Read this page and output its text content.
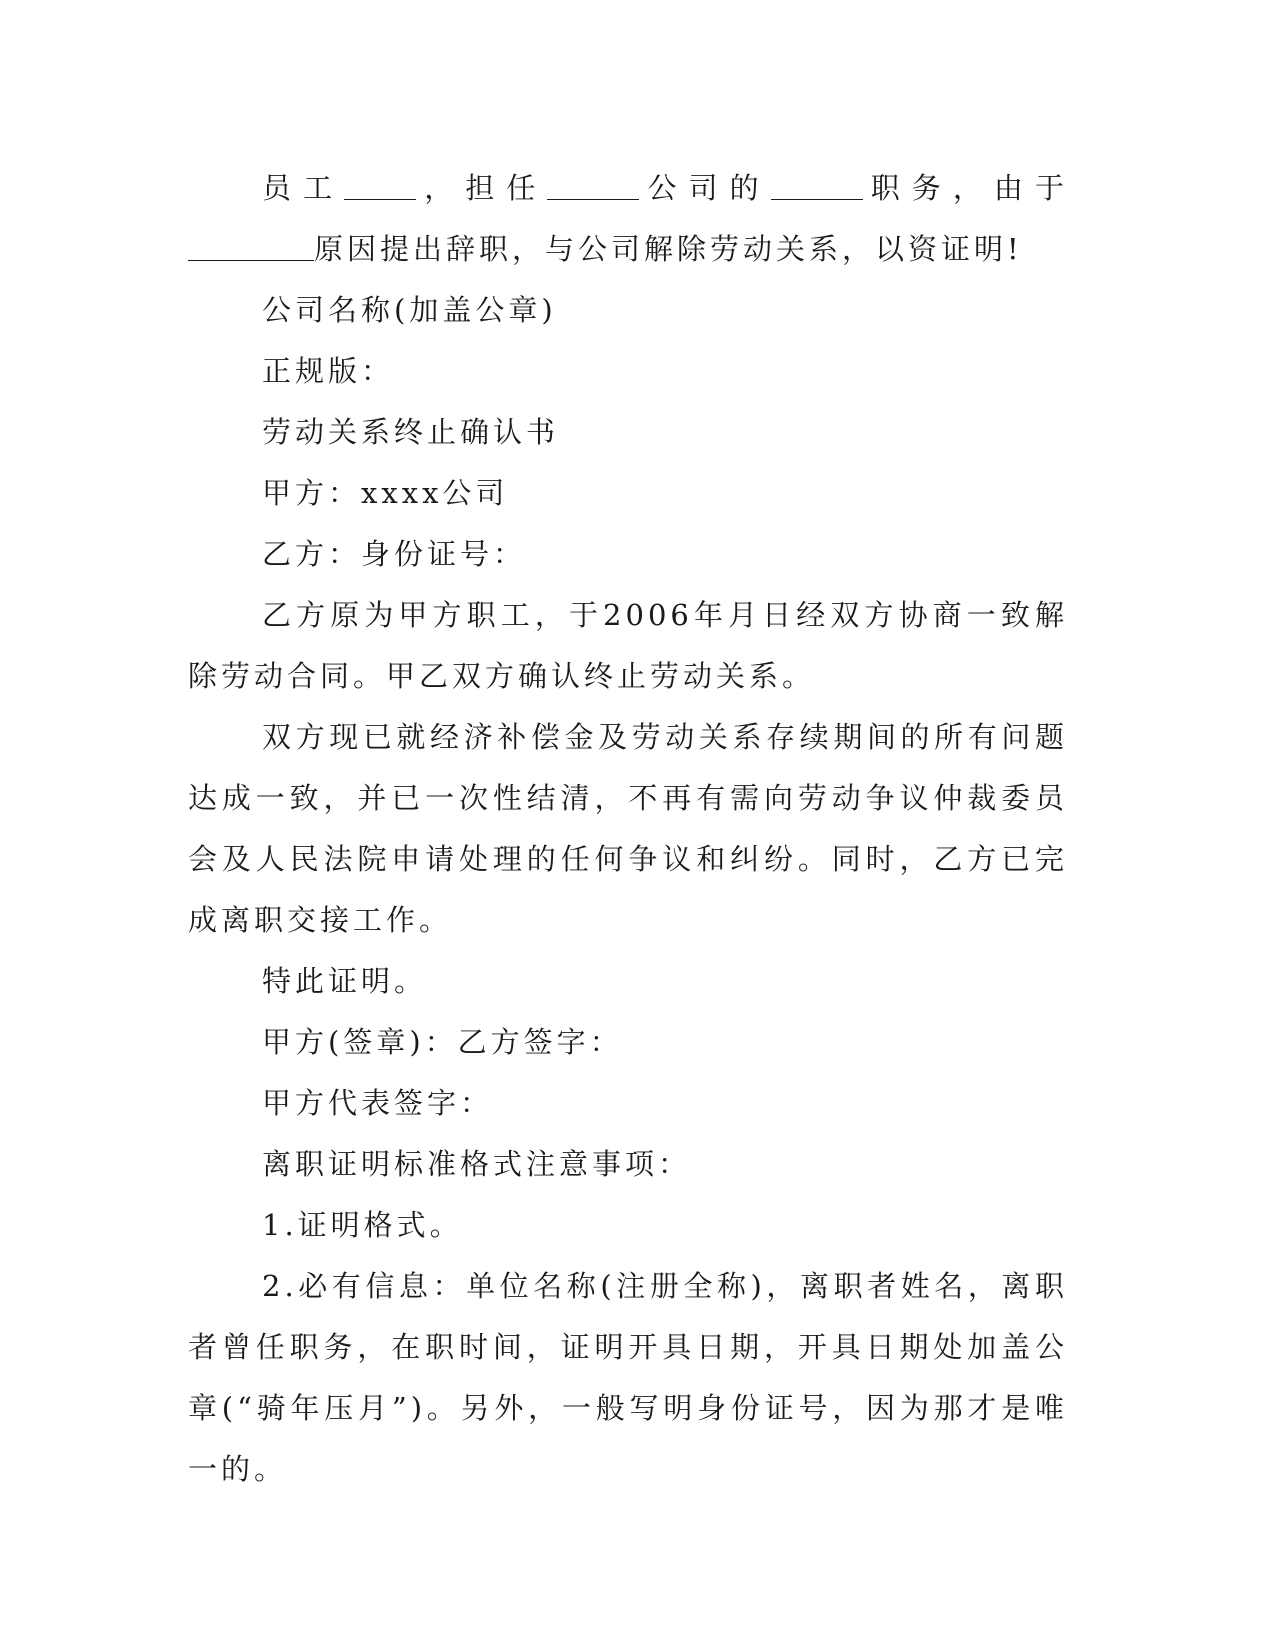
员工 ，担任	公司的	职务，由于原因提出辞职，与公司解除劳动关系，以资证明!

公司名称(加盖公章)

正规版：

劳动关系终止确认书

甲方：xxxx公司

乙方：身份证号：

乙方原为甲方职工，于2006年月日经双方协商一致解除劳动合同。甲乙双方确认终止劳动关系。

双方现已就经济补偿金及劳动关系存续期间的所有问题达成一致，并已一次性结清，不再有需向劳动争议仲裁委员会及人民法院申请处理的任何争议和纠纷。同时，乙方已完成离职交接工作。

特此证明。

甲方(签章)：乙方签字：

甲方代表签字：

离职证明标准格式注意事项：

1.证明格式。

2.必有信息：单位名称(注册全称)，离职者姓名，离职者曾任职务，在职时间，证明开具日期，开具日期处加盖公章(“骑年压月”)。另外，一般写明身份证号，因为那才是唯一的。
